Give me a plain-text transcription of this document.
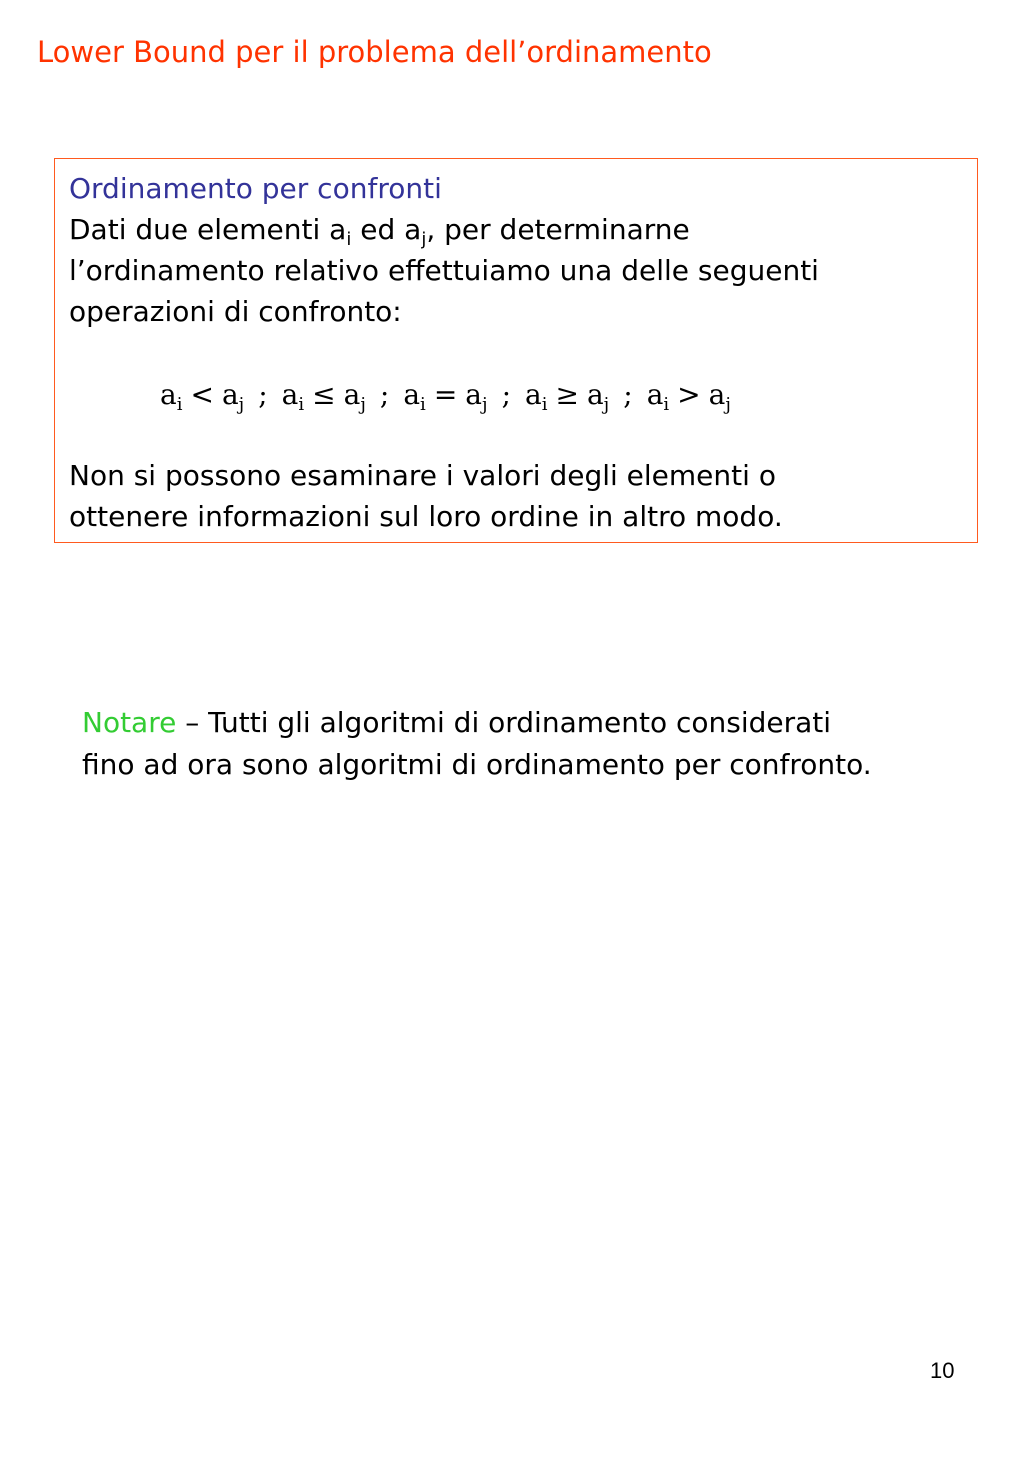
Lower Bound per il problema dell’ordinamento
Ordinamento per confronti
Dati due elementi $a_i$ ed $a_j$, per determinarne
l’ordinamento relativo effettuiamo una delle seguenti
operazioni di confronto:
$a_i < a_j$ ; $a_i \le a_j$ ; $a_i = a_j$ ; $a_i \ge a_j$ ; $a_i > a_j$
Non si possono esaminare i valori degli elementi o
ottenere informazioni sul loro ordine in altro modo.
Notare – Tutti gli algoritmi di ordinamento considerati
fino ad ora sono algoritmi di ordinamento per confronto.
10
